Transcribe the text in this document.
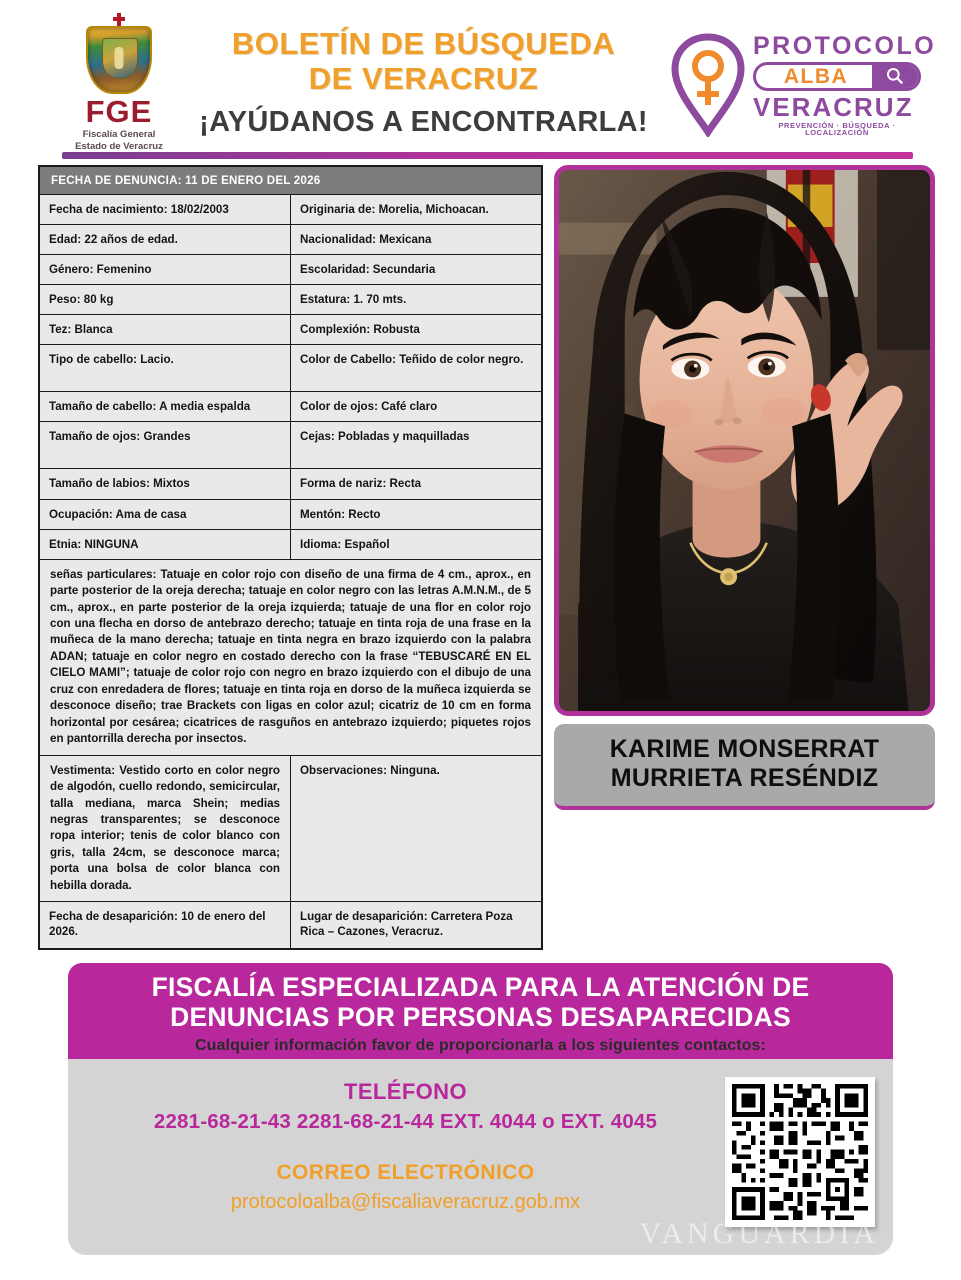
FGE
Fiscalía General
Estado de Veracruz
BOLETÍN DE BÚSQUEDA
DE VERACRUZ
¡AYÚDANOS A ENCONTRARLA!
PROTOCOLO
ALBA
VERACRUZ
PREVENCIÓN · BÚSQUEDA · LOCALIZACIÓN
FECHA DE DENUNCIA: 11 DE ENERO DEL 2026	
Fecha de nacimiento: 18/02/2003	Originaria de: Morelia, Michoacan.
Edad: 22 años de edad.	Nacionalidad: Mexicana
Género: Femenino	Escolaridad: Secundaria
Peso: 80 kg	Estatura: 1. 70 mts.
Tez: Blanca	Complexión: Robusta
Tipo de cabello: Lacio.	Color de Cabello: Teñido de color negro.
Tamaño de cabello: A media espalda	Color de ojos: Café claro
Tamaño de ojos: Grandes	Cejas: Pobladas y maquilladas
Tamaño de labios: Mixtos	Forma de nariz: Recta
Ocupación: Ama de casa	Mentón: Recto
Etnia: NINGUNA	Idioma: Español
señas particulares: Tatuaje en color rojo con diseño de una firma de 4 cm., aprox., en parte posterior de la oreja derecha; tatuaje en color negro con las letras A.M.N.M., de 5 cm., aprox., en parte posterior de la oreja izquierda; tatuaje de una flor en color rojo con una flecha en dorso de antebrazo derecho; tatuaje en tinta roja de una frase en la muñeca de la mano derecha; tatuaje en tinta negra en brazo izquierdo con la palabra ADAN; tatuaje en color negro en costado derecho con la frase “TEBUSCARÉ EN EL CIELO MAMI”; tatuaje de color rojo con negro en brazo izquierdo con el dibujo de una cruz con enredadera de flores; tatuaje en tinta roja en dorso de la muñeca izquierda se desconoce diseño; trae Brackets con ligas en color azul; cicatriz de 10 cm en forma horizontal por cesárea; cicatrices de rasguños en antebrazo izquierdo; piquetes rojos en pantorrilla derecha por insectos.	
Vestimenta: Vestido corto en color negro de algodón, cuello redondo, semicircular, talla mediana, marca Shein; medias negras transparentes; se desconoce ropa interior; tenis de color blanco con gris, talla 24cm, se desconoce marca; porta una bolsa de color blanca con hebilla dorada.	Observaciones: Ninguna.
Fecha de desaparición: 10 de enero del 2026.	Lugar de desaparición: Carretera Poza Rica – Cazones, Veracruz.
KARIME MONSERRAT
MURRIETA RESÉNDIZ
FISCALÍA ESPECIALIZADA PARA LA ATENCIÓN DE
DENUNCIAS POR PERSONAS DESAPARECIDAS
Cualquier información favor de proporcionarla a los siguientes contactos:
TELÉFONO
2281-68-21-43 2281-68-21-44 EXT. 4044 o EXT. 4045
CORREO ELECTRÓNICO
protocoloalba@fiscaliaveracruz.gob.mx
VANGUARDIA
